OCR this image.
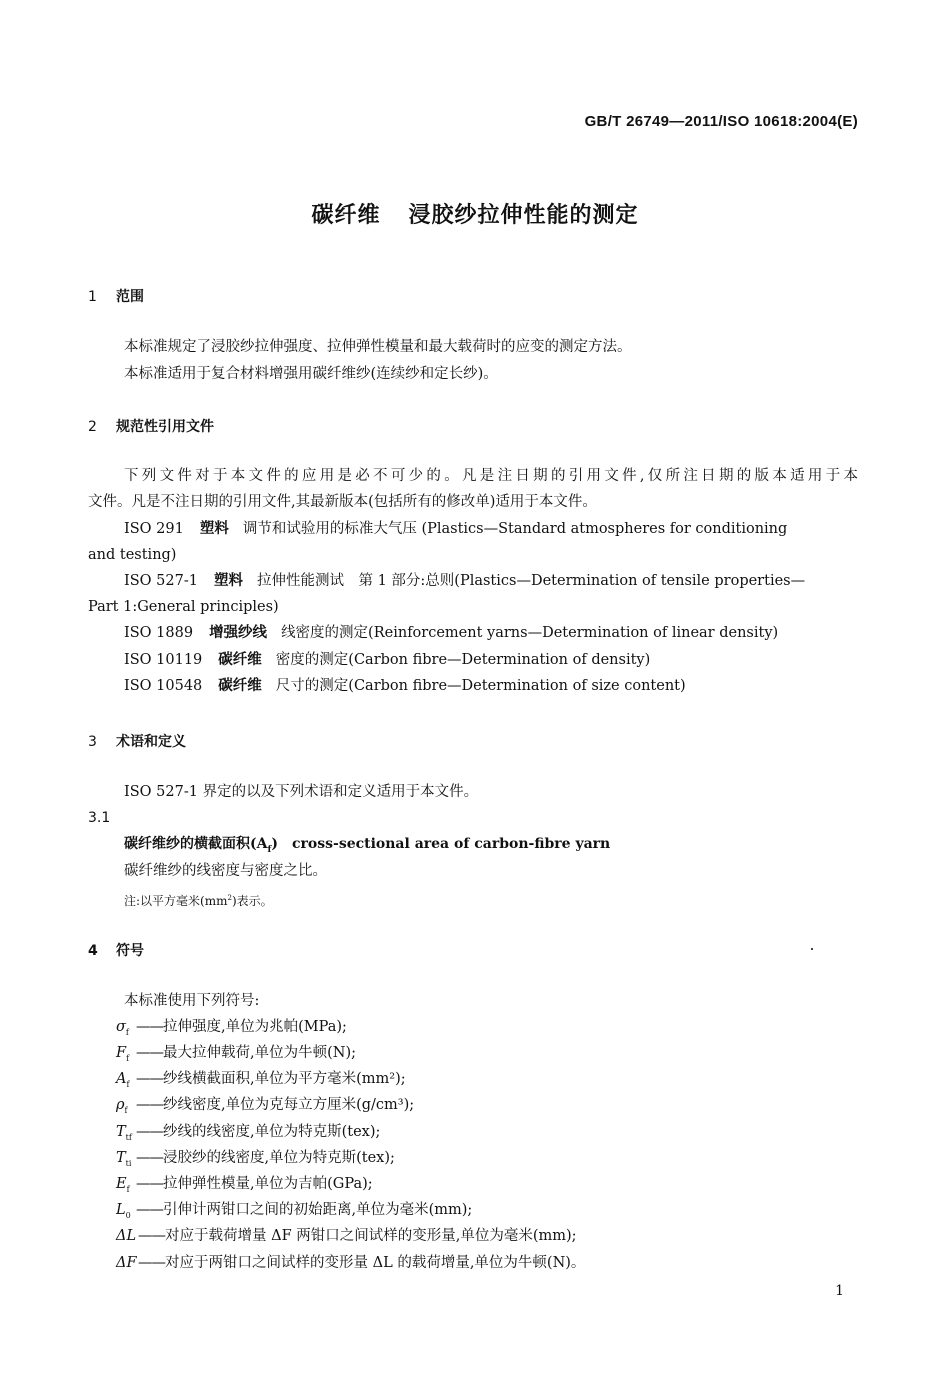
GB/T 26749—2011/ISO 10618:2004(E)
碳纤维 浸胶纱拉伸性能的测定
1 范围
本标准规定了浸胶纱拉伸强度、拉伸弹性模量和最大载荷时的应变的测定方法。
本标准适用于复合材料增强用碳纤维纱(连续纱和定长纱)。
2 规范性引用文件
下列文件对于本文件的应用是必不可少的。凡是注日期的引用文件,仅所注日期的版本适用于本
文件。凡是不注日期的引用文件,其最新版本(包括所有的修改单)适用于本文件。
ISO 291 塑料 调节和试验用的标准大气压 (Plastics—Standard atmospheres for conditioning
and testing)
ISO 527-1 塑料 拉伸性能测试　第 1 部分:总则(Plastics—Determination of tensile properties—
Part 1:General principles)
ISO 1889 增强纱线 线密度的测定(Reinforcement yarns—Determination of linear density)
ISO 10119 碳纤维 密度的测定(Carbon fibre—Determination of density)
ISO 10548 碳纤维 尺寸的测定(Carbon fibre—Determination of size content)
3 术语和定义
ISO 527-1 界定的以及下列术语和定义适用于本文件。
3.1
碳纤维纱的横截面积$(A_f)$ cross-sectional area of carbon-fibre yarn
碳纤维纱的线密度与密度之比。
注:以平方毫米$(mm^2)$表示。
4 符号
本标准使用下列符号:
$\sigma_f$ ——拉伸强度,单位为兆帕(MPa);
$F_f$ ——最大拉伸载荷,单位为牛顿(N);
$A_f$ ——纱线横截面积,单位为平方毫米(mm²);
$\rho_f$ ——纱线密度,单位为克每立方厘米(g/cm³);
$T_{tf}$ ——纱线的线密度,单位为特克斯(tex);
$T_{ti}$ ——浸胶纱的线密度,单位为特克斯(tex);
$E_f$ ——拉伸弹性模量,单位为吉帕(GPa);
$L_0$ ——引伸计两钳口之间的初始距离,单位为毫米(mm);
ΔL ——对应于载荷增量 ΔF 两钳口之间试样的变形量,单位为毫米(mm);
ΔF——对应于两钳口之间试样的变形量 ΔL 的载荷增量,单位为牛顿(N)。
1
